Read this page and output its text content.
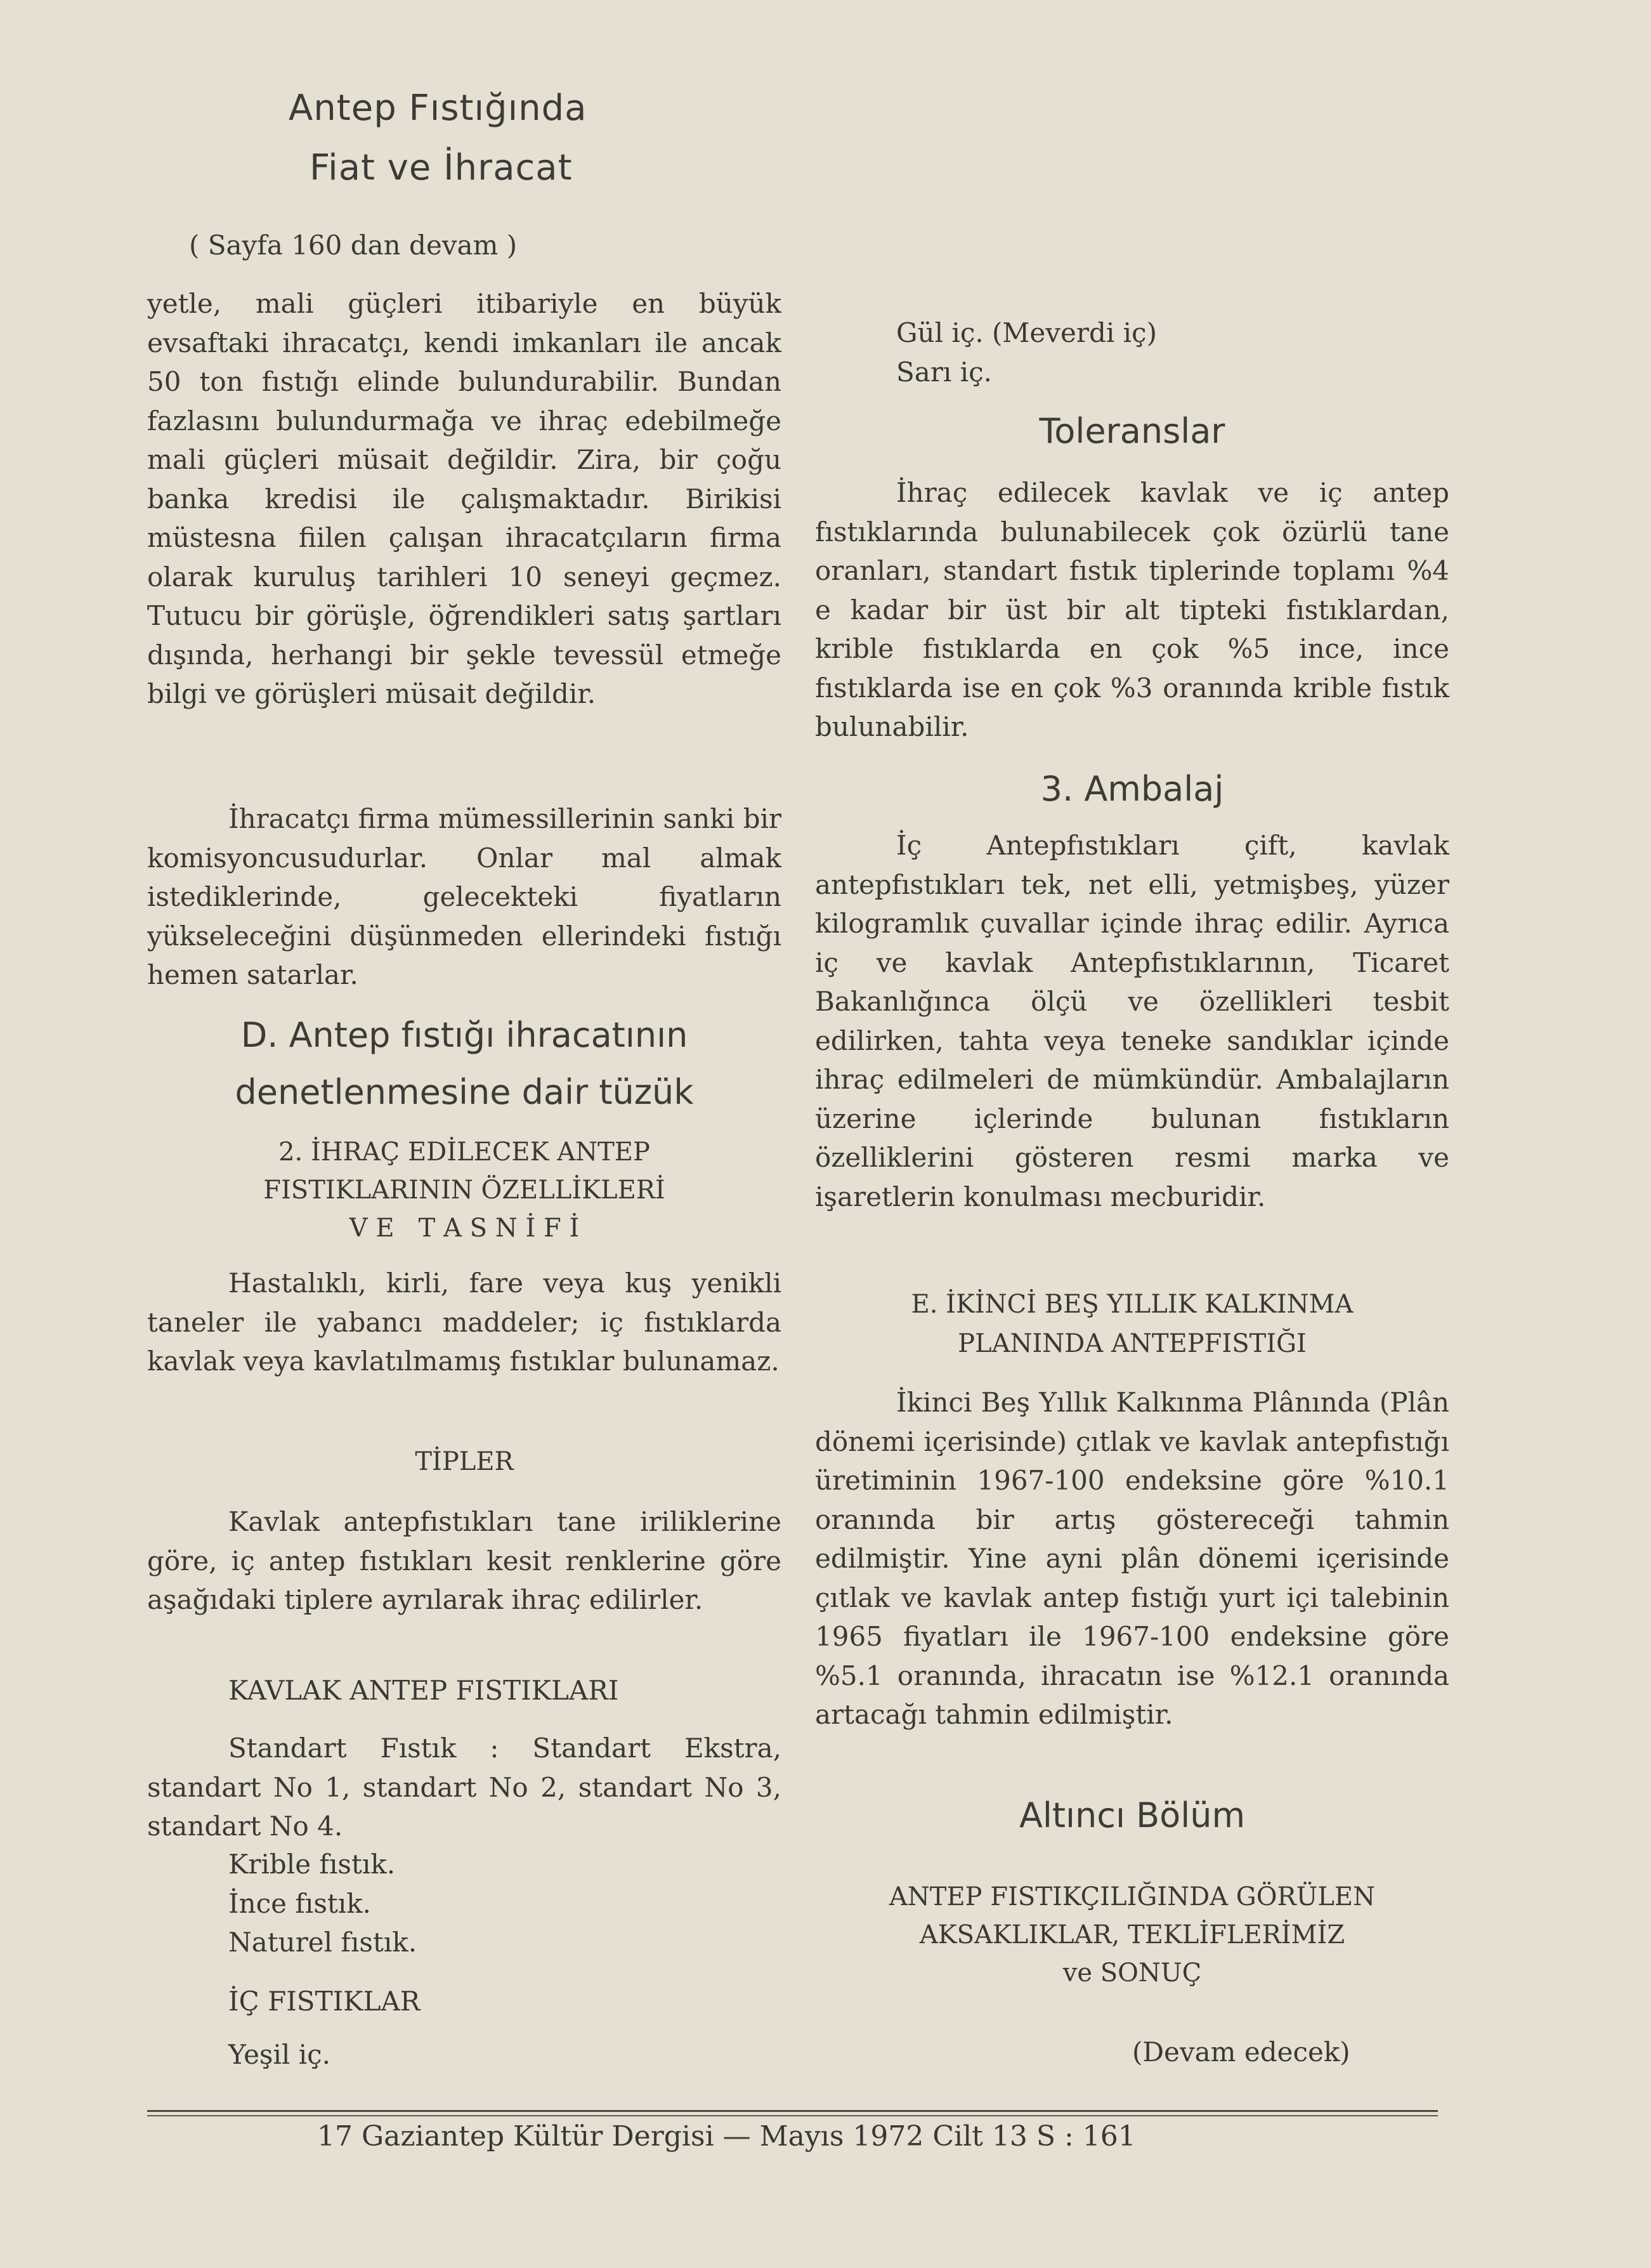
Antep Fıstığında
Fiat ve İhracat
( Sayfa 160 dan devam )

yetle, mali güçleri itibariyle en büyük evsaftaki ihracatçı, kendi imkanları ile ancak 50 ton fıstığı elinde bulundurabilir. Bundan fazlasını bulundurmağa ve ihraç edebilmeğe mali güçleri müsait değildir. Zira, bir çoğu banka kredisi ile çalışmaktadır. Birikisi müstesna fiilen çalışan ihracatçıların firma olarak kuruluş tarihleri 10 seneyi geçmez. Tutucu bir görüşle, öğrendikleri satış şartları dışında, herhangi bir şekle tevessül etmeğe bilgi ve görüşleri müsait değildir.

İhracatçı firma mümessillerinin sanki bir komisyoncusudurlar. Onlar mal almak istediklerinde, gelecekteki fiyatların yükseleceğini düşünmeden ellerindeki fıstığı hemen satarlar.

D. Antep fıstığı ihracatının
denetlenmesine dair tüzük
2. İHRAÇ EDİLECEK ANTEP
FISTIKLARININ ÖZELLİKLERİ
V E   T A S N İ F İ

Hastalıklı, kirli, fare veya kuş yenikli taneler ile yabancı maddeler; iç fıstıklarda kavlak veya kavlatılmamış fıstıklar bulunamaz.

TİPLER

Kavlak antepfıstıkları tane iriliklerine göre, iç antep fıstıkları kesit renklerine göre aşağıdaki tiplere ayrılarak ihraç edilirler.

KAVLAK ANTEP FISTIKLARI

Standart Fıstık : Standart Ekstra, standart No 1, standart No 2, standart No 3, standart No 4.

Krible fıstık.
İnce fıstık.
Naturel fıstık.
İÇ FISTIKLAR
Yeşil iç.
Gül iç. (Meverdi iç)
Sarı iç.
Toleranslar

İhraç edilecek kavlak ve iç antep fıstıklarında bulunabilecek çok özürlü tane oranları, standart fıstık tiplerinde toplamı %4 e kadar bir üst bir alt tipteki fıstıklardan, krible fıstıklarda en çok %5 ince, ince fıstıklarda ise en çok %3 oranında krible fıstık bulunabilir.

3. Ambalaj

İç Antepfıstıkları çift, kavlak antepfıstıkları tek, net elli, yetmişbeş, yüzer kilogramlık çuvallar içinde ihraç edilir. Ayrıca iç ve kavlak Antepfıstıklarının, Ticaret Bakanlığınca ölçü ve özellikleri tesbit edilirken, tahta veya teneke sandıklar içinde ihraç edilmeleri de mümkündür. Ambalajların üzerine içlerinde bulunan fıstıkların özelliklerini gösteren resmi marka ve işaretlerin konulması mecburidir.

E. İKİNCİ BEŞ YILLIK KALKINMA
PLANINDA ANTEPFISTIĞI

İkinci Beş Yıllık Kalkınma Plânında (Plân dönemi içerisinde) çıtlak ve kavlak antepfıstığı üretiminin 1967-100 endeksine göre %10.1 oranında bir artış göstereceği tahmin edilmiştir. Yine ayni plân dönemi içerisinde çıtlak ve kavlak antep fıstığı yurt içi talebinin 1965 fiyatları ile 1967-100 endeksine göre %5.1 oranında, ihracatın ise %12.1 oranında artacağı tahmin edilmiştir.

Altıncı Bölüm
ANTEP FISTIKÇILIĞINDA GÖRÜLEN
AKSAKLIKLAR, TEKLİFLERİMİZ
ve SONUÇ
(Devam edecek)
17 Gaziantep Kültür Dergisi — Mayıs 1972 Cilt 13 S : 161
